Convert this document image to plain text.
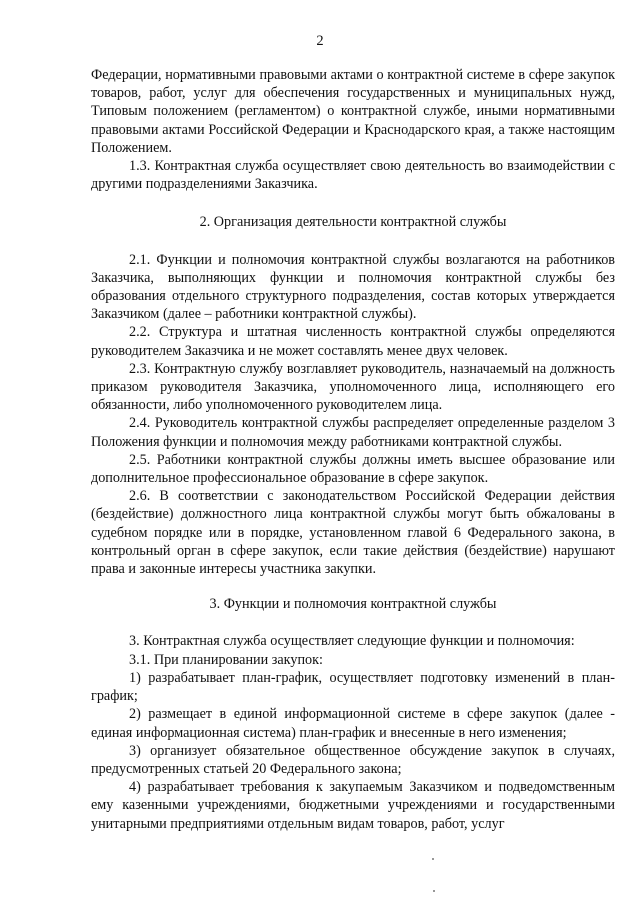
2

Федерации, нормативными правовыми актами о контрактной системе в сфере закупок товаров, работ, услуг для обеспечения государственных и муниципальных нужд, Типовым положением (регламентом) о контрактной службе, иными нормативными правовыми актами Российской Федерации и Краснодарского края, а также настоящим Положением.

1.3. Контрактная служба осуществляет свою деятельность во взаимодействии с другими подразделениями Заказчика.

2. Организация деятельности контрактной службы

2.1. Функции и полномочия контрактной службы возлагаются на работников Заказчика, выполняющих функции и полномочия контрактной службы без образования отдельного структурного подразделения, состав которых утверждается Заказчиком (далее – работники контрактной службы).

2.2. Структура и штатная численность контрактной службы определяются руководителем Заказчика и не может составлять менее двух человек.

2.3. Контрактную службу возглавляет руководитель, назначаемый на должность приказом руководителя Заказчика, уполномоченного лица, исполняющего его обязанности, либо уполномоченного руководителем лица.

2.4. Руководитель контрактной службы распределяет определенные разделом 3 Положения функции и полномочия между работниками контрактной службы.

2.5. Работники контрактной службы должны иметь высшее образование или дополнительное профессиональное образование в сфере закупок.

2.6. В соответствии с законодательством Российской Федерации действия (бездействие) должностного лица контрактной службы могут быть обжалованы в судебном порядке или в порядке, установленном главой 6 Федерального закона, в контрольный орган в сфере закупок, если такие действия (бездействие) нарушают права и законные интересы участника закупки.

3. Функции и полномочия контрактной службы

3. Контрактная служба осуществляет следующие функции и полномочия:

3.1. При планировании закупок:

1) разрабатывает план-график, осуществляет подготовку изменений в план-график;

2) размещает в единой информационной системе в сфере закупок (далее - единая информационная система) план-график и внесенные в него изменения;

3) организует обязательное общественное обсуждение закупок в случаях, предусмотренных статьей 20 Федерального закона;

4) разрабатывает требования к закупаемым Заказчиком и подведомственным ему казенными учреждениями, бюджетными учреждениями и государственными унитарными предприятиями отдельным видам товаров, работ, услуг
